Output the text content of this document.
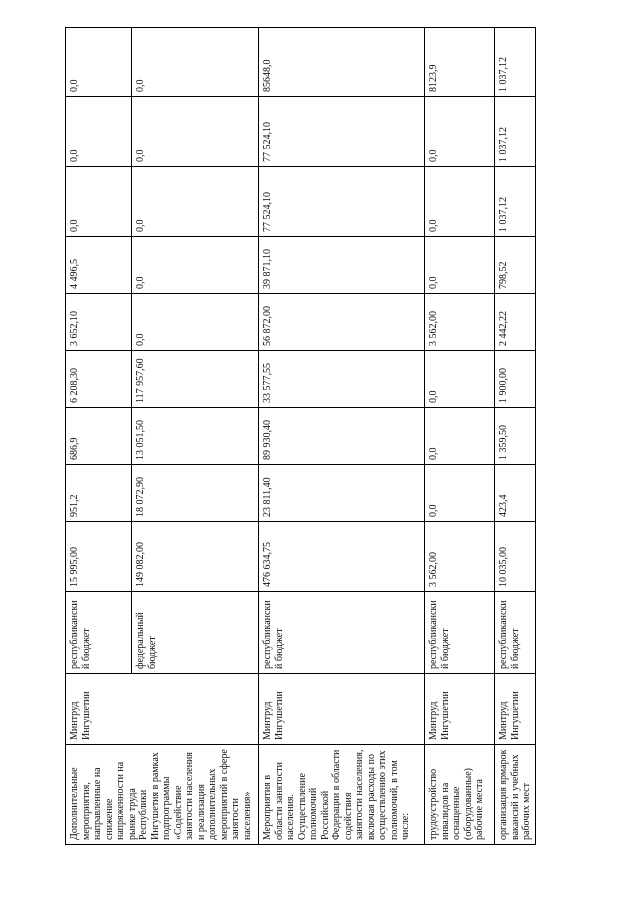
Дополнительные мероприятия, направленные на снижение напряженности на рынке труда Республики Ингушетия в рамках подпрограммы «Содействие занятости населения и реализация дополнительных мероприятий в сфере занятости населения»	Минтруд Ингушетии	республиканский бюджет	15 995,00	951,2	686,9	6 208,30	3 652,10	4 496,5	0,0	0,0	0,0
		федеральный бюджет	149 082,00	18 072,90	13 051,50	117 957,60	0,0	0,0	0,0	0,0	0,0
Мероприятия в области занятости населения. Осуществление полномочий Российской Федерации в области содействия занятости населения, включая расходы по осуществлению этих полномочий, в том числе:	Минтруд Ингушетии	республиканский бюджет	476 634,75	23 811,40	89 930,40	33 577,55	56 872,00	39 871,10	77 524,10	77 524,10	85648,0
трудоустройство инвалидов на оснащенные (оборудованные) рабочие места	Минтруд Ингушетии	республиканский бюджет	3 562,00	0,0	0,0	0,0	3 562,00	0,0	0,0	0,0	8123,9
организация ярмарок вакансий и учебных рабочих мест	Минтруд Ингушетии	республиканский бюджет	10 035,00	423,4	1 359,50	1 900,00	2 442,22	798,52	1 037,12	1 037,12	1 037,12
